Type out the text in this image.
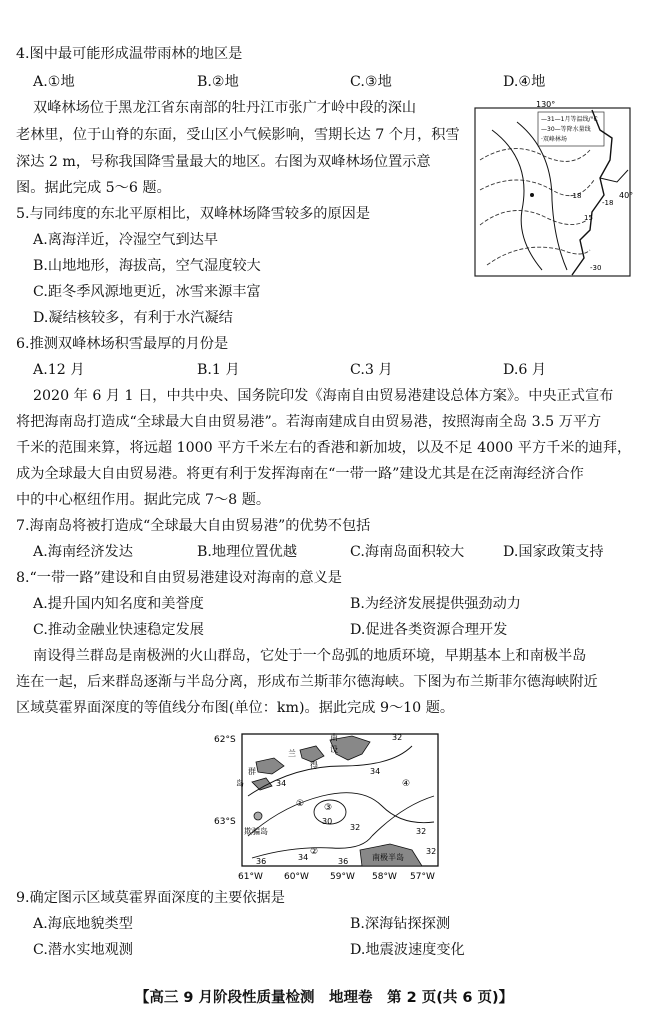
4.图中最可能形成温带雨林的地区是
A.①地	B.②地	C.③地	D.④地
双峰林场位于黑龙江省东南部的牡丹江市张广才岭中段的深山
老林里，位于山脊的东面，受山区小气候影响，雪期长达 7 个月，积雪
深达 2 m，号称我国降雪量最大的地区。右图为双峰林场位置示意
图。据此完成 5～6 题。
—31—1月等温线/°C
—30—等降水量线
·双峰林场
130°
40°
-18
-18
15
-30
5.与同纬度的东北平原相比，双峰林场降雪较多的原因是
A.离海洋近，冷湿空气到达早
B.山地地形，海拔高，空气湿度较大
C.距冬季风源地更近，冰雪来源丰富
D.凝结核较多，有利于水汽凝结
6.推测双峰林场积雪最厚的月份是
A.12 月	B.1 月	C.3 月	D.6 月
2020 年 6 月 1 日，中共中央、国务院印发《海南自由贸易港建设总体方案》。中央正式宣布
将把海南岛打造成“全球最大自由贸易港”。若海南建成自由贸易港，按照海南全岛 3.5 万平方
千米的范围来算，将远超 1000 平方千米左右的香港和新加坡，以及不足 4000 平方千米的迪拜，
成为全球最大自由贸易港。将更有利于发挥海南在“一带一路”建设尤其是在泛南海经济合作
中的中心枢纽作用。据此完成 7～8 题。
7.海南岛将被打造成“全球最大自由贸易港”的优势不包括
A.海南经济发达	B.地理位置优越	C.海南岛面积较大	D.国家政策支持
8.“一带一路”建设和自由贸易港建设对海南的意义是
A.提升国内知名度和美誉度	B.为经济发展提供强劲动力
C.推动金融业快速稳定发展	D.促进各类资源合理开发
南设得兰群岛是南极洲的火山群岛，它处于一个岛弧的地质环境，早期基本上和南极半岛
连在一起，后来群岛逐渐与半岛分离，形成布兰斯菲尔德海峡。下图为布兰斯菲尔德海峡附近
区域莫霍界面深度的等值线分布图(单位：km)。据此完成 9～10 题。
62°S
63°S
61°W 60°W 59°W 58°W 57°W
32
34
34
32
30
32
34
36	36
32
①
②
③
④
南
设
兰
得
群
岛
欺骗岛
南极半岛
9.确定图示区域莫霍界面深度的主要依据是
A.海底地貌类型	B.深海钻探探测
C.潜水实地观测	D.地震波速度变化
【高三 9 月阶段性质量检测　地理卷　第 2 页(共 6 页)】
